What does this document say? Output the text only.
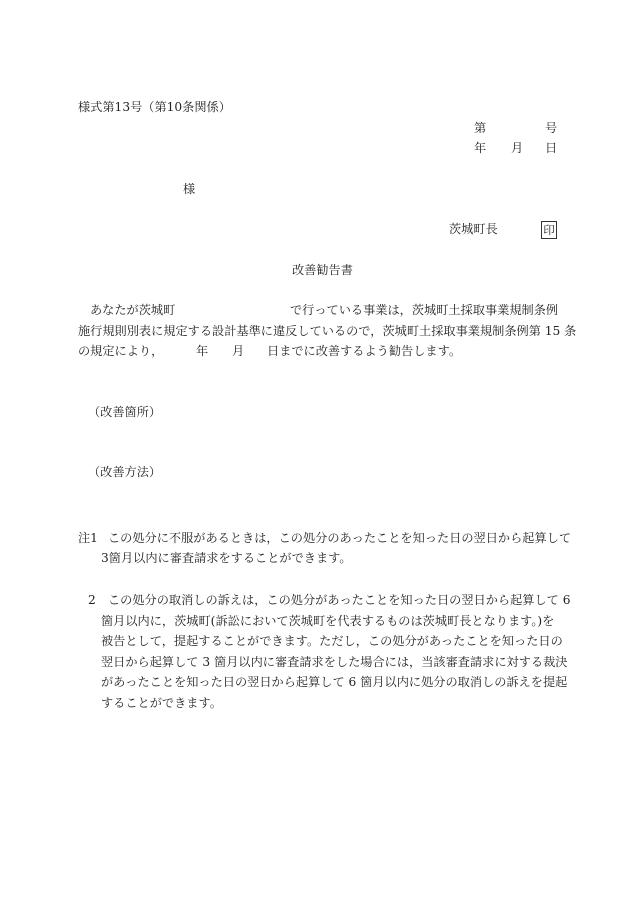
様式第13号（第10条関係）
第	号
年 月 日
様
茨城町長	印
改善勧告書
あなたが茨城町	で行っている事業は，茨城町土採取事業規制条例
施行規則別表に規定する設計基準に違反しているので，茨城町土採取事業規制条例第 15 条
の規定により，	年 月 日までに改善するよう勧告します。
（改善箇所）
（改善方法）
注1 この処分に不服があるときは，この処分のあったことを知った日の翌日から起算して
3箇月以内に審査請求をすることができます。
2 この処分の取消しの訴えは，この処分があったことを知った日の翌日から起算して 6
箇月以内に，茨城町(訴訟において茨城町を代表するものは茨城町長となります。)を
被告として，提起することができます。ただし，この処分があったことを知った日の
翌日から起算して 3 箇月以内に審査請求をした場合には，当該審査請求に対する裁決
があったことを知った日の翌日から起算して 6 箇月以内に処分の取消しの訴えを提起
することができます。
